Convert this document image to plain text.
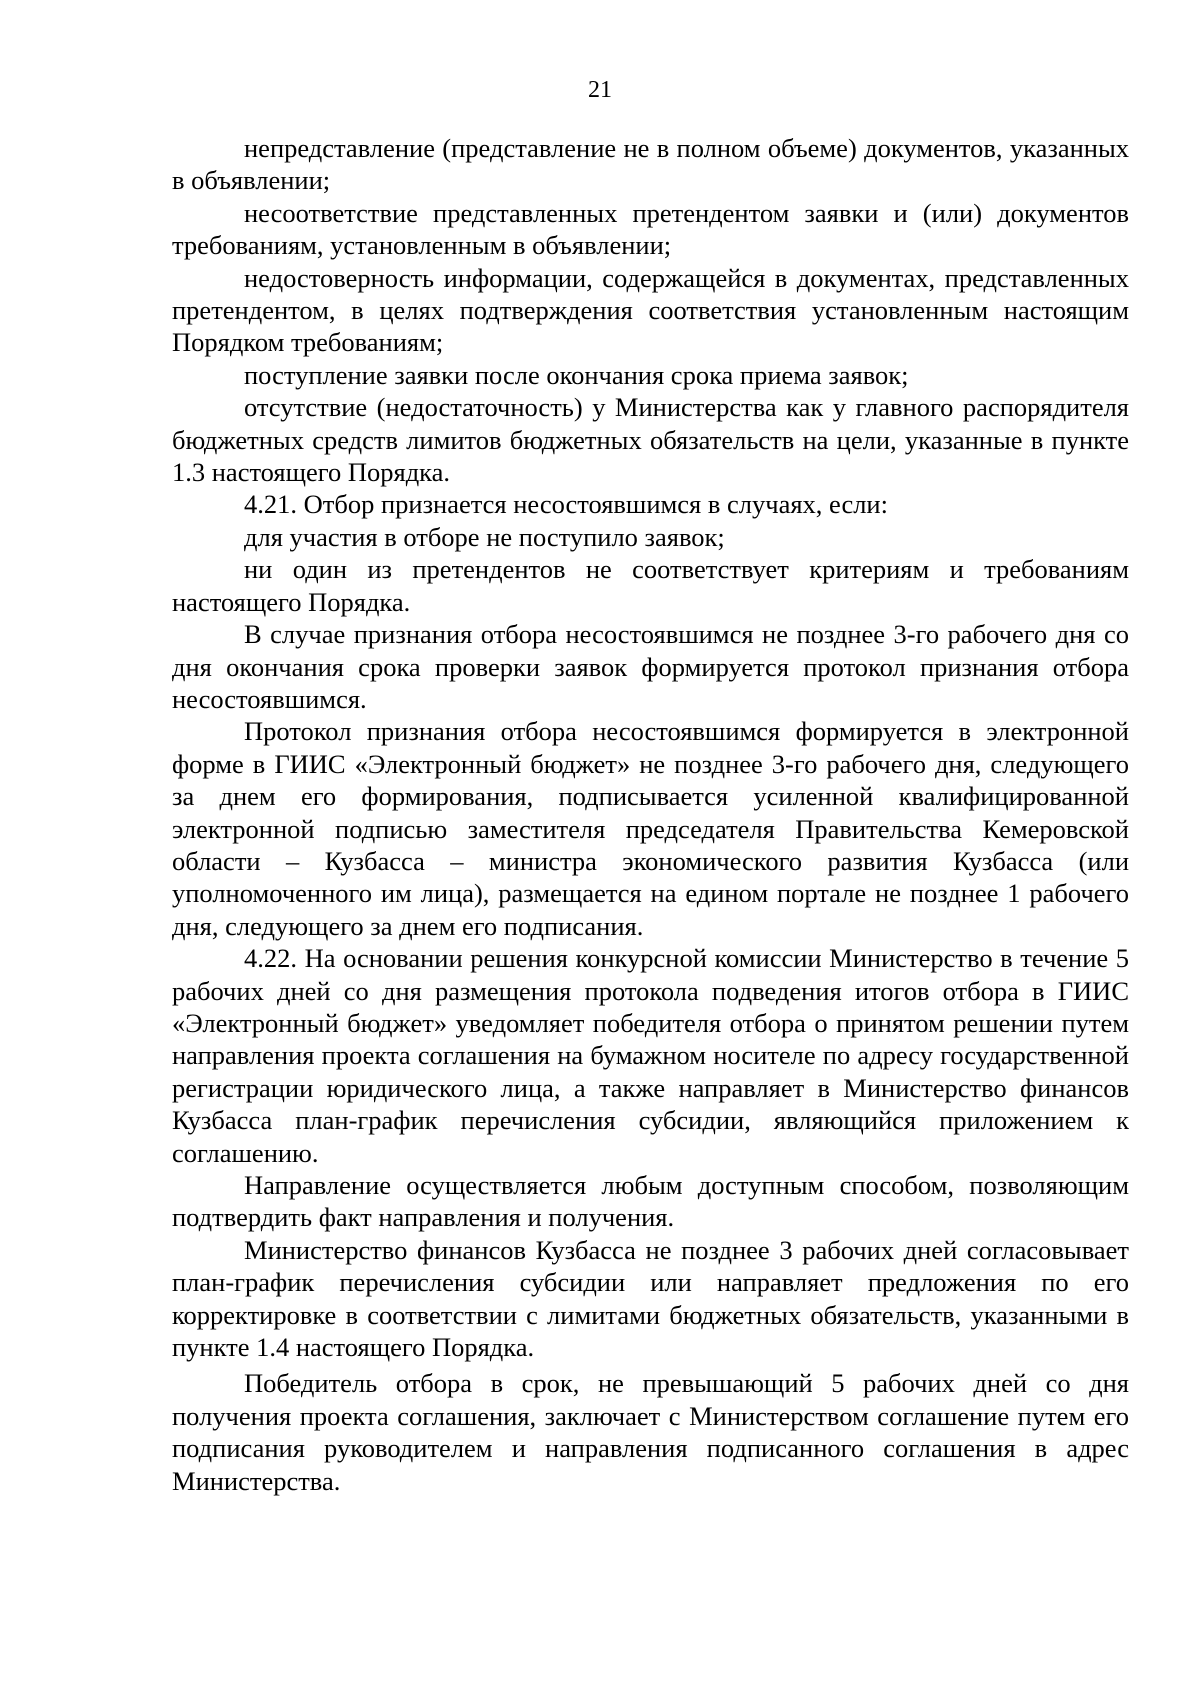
21

непредставление (представление не в полном объеме) документов, указанных в объявлении;

несоответствие представленных претендентом заявки и (или) документов требованиям, установленным в объявлении;

недостоверность информации, содержащейся в документах, представленных претендентом, в целях подтверждения соответствия установленным настоящим Порядком требованиям;

поступление заявки после окончания срока приема заявок;

отсутствие (недостаточность) у Министерства как у главного распорядителя бюджетных средств лимитов бюджетных обязательств на цели, указанные в пункте 1.3 настоящего Порядка.

4.21. Отбор признается несостоявшимся в случаях, если:

для участия в отборе не поступило заявок;

ни один из претендентов не соответствует критериям и требованиям настоящего Порядка.

В случае признания отбора несостоявшимся не позднее 3-го рабочего дня со дня окончания срока проверки заявок формируется протокол признания отбора несостоявшимся.

Протокол признания отбора несостоявшимся формируется в электронной форме в ГИИС «Электронный бюджет» не позднее 3-го рабочего дня, следующего за днем его формирования, подписывается усиленной квалифицированной электронной подписью заместителя председателя Правительства Кемеровской области – Кузбасса – министра экономического развития Кузбасса (или уполномоченного им лица), размещается на едином портале не позднее 1 рабочего дня, следующего за днем его подписания.

4.22. На основании решения конкурсной комиссии Министерство в течение 5 рабочих дней со дня размещения протокола подведения итогов отбора в ГИИС «Электронный бюджет» уведомляет победителя отбора о принятом решении путем направления проекта соглашения на бумажном носителе по адресу государственной регистрации юридического лица, а также направляет в Министерство финансов Кузбасса план-график перечисления субсидии, являющийся приложением к соглашению.

Направление осуществляется любым доступным способом, позволяющим подтвердить факт направления и получения.

Министерство финансов Кузбасса не позднее 3 рабочих дней согласовывает план-график перечисления субсидии или направляет предложения по его корректировке в соответствии с лимитами бюджетных обязательств, указанными в пункте 1.4 настоящего Порядка.

Победитель отбора в срок, не превышающий 5 рабочих дней со дня получения проекта соглашения, заключает с Министерством соглашение путем его подписания руководителем и направления подписанного соглашения в адрес Министерства.
